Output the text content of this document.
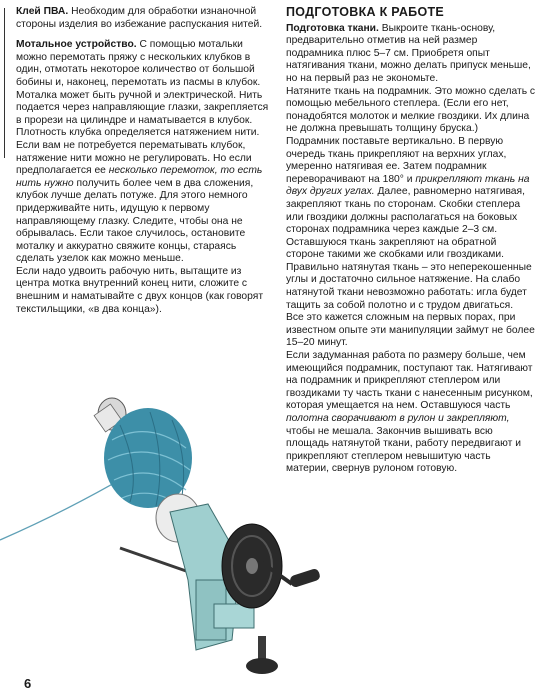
Клей ПВА. Необходим для обработки изнаночной стороны изделия во избежание распускания нитей.

Мотальное устройство. С помощью мотальки можно перемотать пряжу с нескольких клубков в один, отмотать некоторое количество от большой бобины и, наконец, перемотать из пасмы в клубок. Моталка может быть ручной и электрической. Нить подается через направляющие глазки, закрепляется в прорези на цилиндре и наматывается в клубок. Плотность клубка определяется натяжением нити. Если вам не потребуется перематывать клубок, натяжение нити можно не регулировать. Но если предполагается ее несколько перемоток, то есть нить нужно получить более чем в два сложения, клубок лучше делать потуже. Для этого немного придерживайте нить, идущую к первому направляющему глазку. Следите, чтобы она не обрывалась. Если такое случилось, остановите моталку и аккуратно свяжите концы, стараясь сделать узелок как можно меньше.

Если надо удвоить рабочую нить, вытащите из центра мотка внутренний конец нити, сложите с внешним и наматывайте с двух концов (как говорят текстильщики, «в два конца»).

ПОДГОТОВКА К РАБОТЕ

Подготовка ткани. Выкроите ткань-основу, предварительно отметив на ней размер подрамника плюс 5–7 см. Приобретя опыт натягивания ткани, можно делать припуск меньше, но на первый раз не экономьте.

Натяните ткань на подрамник. Это можно сделать с помощью мебельного степлера. (Если его нет, понадобятся молоток и мелкие гвоздики. Их длина не должна превышать толщину бруска.)

Подрамник поставьте вертикально. В первую очередь ткань прикрепляют на верхних углах, умеренно натягивая ее. Затем подрамник переворачивают на 180° и прикрепляют ткань на двух других углах. Далее, равномерно натягивая, закрепляют ткань по сторонам. Скобки степлера или гвоздики должны располагаться на боковых сторонах подрамника через каждые 2–3 см. Оставшуюся ткань закрепляют на обратной стороне такими же скобками или гвоздиками.

Правильно натянутая ткань – это неперекошенные углы и достаточно сильное натяжение. На слабо натянутой ткани невозможно работать: игла будет тащить за собой полотно и с трудом двигаться.

Все это кажется сложным на первых порах, при известном опыте эти манипуляции займут не более 15–20 минут.

Если задуманная работа по размеру больше, чем имеющийся подрамник, поступают так. Натягивают на подрамник и прикрепляют степлером или гвоздиками ту часть ткани с нанесенным рисунком, которая умещается на нем. Оставшуюся часть полотна сворачивают в рулон и закрепляют, чтобы не мешала. Закончив вышивать всю площадь натянутой ткани, работу передвигают и прикрепляют степлером невышитую часть материи, свернув рулоном готовую.

6
